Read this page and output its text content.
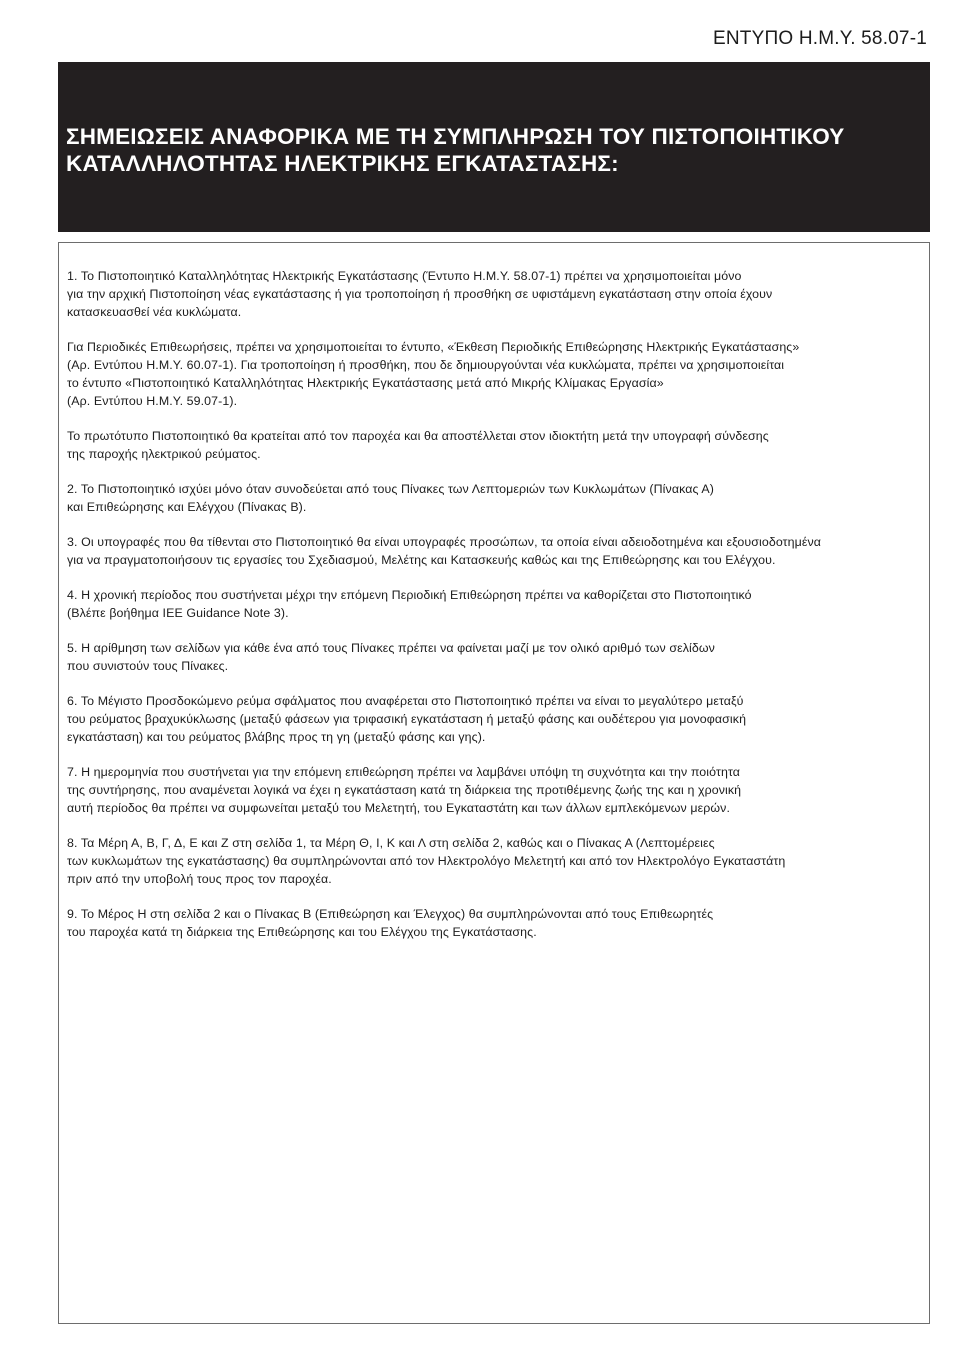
ΕΝΤΥΠΟ Η.Μ.Υ. 58.07-1
ΣΗΜΕΙΩΣΕΙΣ ΑΝΑΦΟΡΙΚΑ ΜΕ ΤΗ ΣΥΜΠΛΗΡΩΣΗ ΤΟΥ ΠΙΣΤΟΠΟΙΗΤΙΚΟΥ
ΚΑΤΑΛΛΗΛΟΤΗΤΑΣ ΗΛΕΚΤΡΙΚΗΣ ΕΓΚΑΤΑΣΤΑΣΗΣ:

1. Το Πιστοποιητικό Καταλληλότητας Ηλεκτρικής Εγκατάστασης (Έντυπο Η.Μ.Υ. 58.07-1) πρέπει να χρησιμοποιείται μόνο
για την αρχική Πιστοποίηση νέας εγκατάστασης ή για τροποποίηση ή προσθήκη σε υφιστάμενη εγκατάσταση στην οποία έχουν
κατασκευασθεί νέα κυκλώματα.

Για Περιοδικές Επιθεωρήσεις, πρέπει να χρησιμοποιείται το έντυπο, «Έκθεση Περιοδικής Επιθεώρησης Ηλεκτρικής Εγκατάστασης»
(Αρ. Εντύπου Η.Μ.Υ. 60.07-1). Για τροποποίηση ή προσθήκη, που δε δημιουργούνται νέα κυκλώματα, πρέπει να χρησιμοποιείται
το έντυπο «Πιστοποιητικό Καταλληλότητας Ηλεκτρικής Εγκατάστασης μετά από Μικρής Κλίμακας Εργασία»
(Αρ. Εντύπου Η.Μ.Υ. 59.07-1).

Το πρωτότυπο Πιστοποιητικό θα κρατείται από τον παροχέα και θα αποστέλλεται στον ιδιοκτήτη μετά την υπογραφή σύνδεσης
της παροχής ηλεκτρικού ρεύματος.

2. Το Πιστοποιητικό ισχύει μόνο όταν συνοδεύεται από τους Πίνακες των Λεπτομεριών των Κυκλωμάτων (Πίνακας Α)
και Επιθεώρησης και Ελέγχου (Πίνακας Β).

3. Οι υπογραφές που θα τίθενται στο Πιστοποιητικό θα είναι υπογραφές προσώπων, τα οποία είναι αδειοδοτημένα και εξουσιοδοτημένα
για να πραγματοποιήσουν τις εργασίες του Σχεδιασμού, Μελέτης και Κατασκευής καθώς και της Επιθεώρησης και του Ελέγχου.

4. Η χρονική περίοδος που συστήνεται μέχρι την επόμενη Περιοδική Επιθεώρηση πρέπει να καθορίζεται στο Πιστοποιητικό
(Βλέπε βοήθημα IEE Guidance Note 3).

5. Η αρίθμηση των σελίδων για κάθε ένα από τους Πίνακες πρέπει να φαίνεται μαζί με τον ολικό αριθμό των σελίδων
που συνιστούν τους Πίνακες.

6. Το Μέγιστο Προσδοκώμενο ρεύμα σφάλματος που αναφέρεται στο Πιστοποιητικό πρέπει να είναι το μεγαλύτερο μεταξύ
του ρεύματος βραχυκύκλωσης (μεταξύ φάσεων για τριφασική εγκατάσταση ή μεταξύ φάσης και ουδέτερου για μονοφασική
εγκατάσταση) και του ρεύματος βλάβης προς τη γη (μεταξύ φάσης και γης).

7. Η ημερομηνία που συστήνεται για την επόμενη επιθεώρηση πρέπει να λαμβάνει υπόψη τη συχνότητα και την ποιότητα
της συντήρησης, που αναμένεται λογικά να έχει η εγκατάσταση κατά τη διάρκεια της προτιθέμενης ζωής της και η χρονική
αυτή περίοδος θα πρέπει να συμφωνείται μεταξύ του Μελετητή, του Εγκαταστάτη και των άλλων εμπλεκόμενων μερών.

8. Τα Μέρη Α, Β, Γ, Δ, Ε και Ζ στη σελίδα 1, τα Μέρη Θ, Ι, Κ και Λ στη σελίδα 2, καθώς και ο Πίνακας Α (Λεπτομέρειες
των κυκλωμάτων της εγκατάστασης) θα συμπληρώνονται από τον Ηλεκτρολόγο Μελετητή και από τον Ηλεκτρολόγο Εγκαταστάτη
πριν από την υποβολή τους προς τον παροχέα.

9. Το Μέρος Η στη σελίδα 2 και ο Πίνακας Β (Επιθεώρηση και Έλεγχος) θα συμπληρώνονται από τους Επιθεωρητές
του παροχέα κατά τη διάρκεια της Επιθεώρησης και του Ελέγχου της Εγκατάστασης.
